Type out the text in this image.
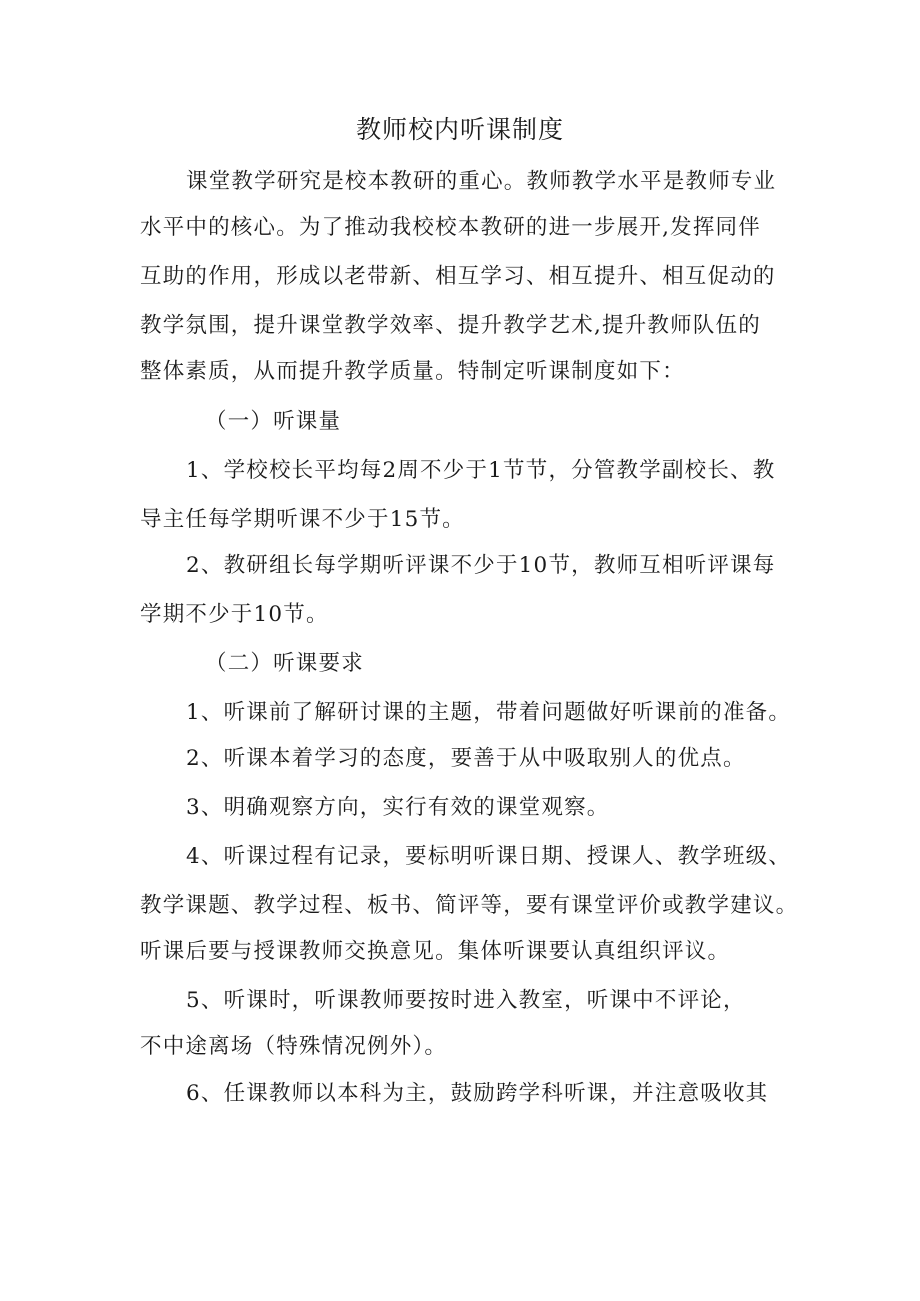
教师校内听课制度

课堂教学研究是校本教研的重心。教师教学水平是教师专业

水平中的核心。为了推动我校校本教研的进一步展开,发挥同伴

互助的作用，形成以老带新、相互学习、相互提升、相互促动的

教学氛围，提升课堂教学效率、提升教学艺术,提升教师队伍的

整体素质，从而提升教学质量。特制定听课制度如下：

（一）听课量

1、学校校长平均每2周不少于1节节，分管教学副校长、教

导主任每学期听课不少于15节。

2、教研组长每学期听评课不少于10节，教师互相听评课每

学期不少于10节。

（二）听课要求

1、听课前了解研讨课的主题，带着问题做好听课前的准备。

2、听课本着学习的态度，要善于从中吸取别人的优点。

3、明确观察方向，实行有效的课堂观察。

4、听课过程有记录，要标明听课日期、授课人、教学班级、

教学课题、教学过程、板书、简评等，要有课堂评价或教学建议。

听课后要与授课教师交换意见。集体听课要认真组织评议。

5、听课时，听课教师要按时进入教室，听课中不评论，

不中途离场（特殊情况例外）。

6、任课教师以本科为主，鼓励跨学科听课，并注意吸收其
